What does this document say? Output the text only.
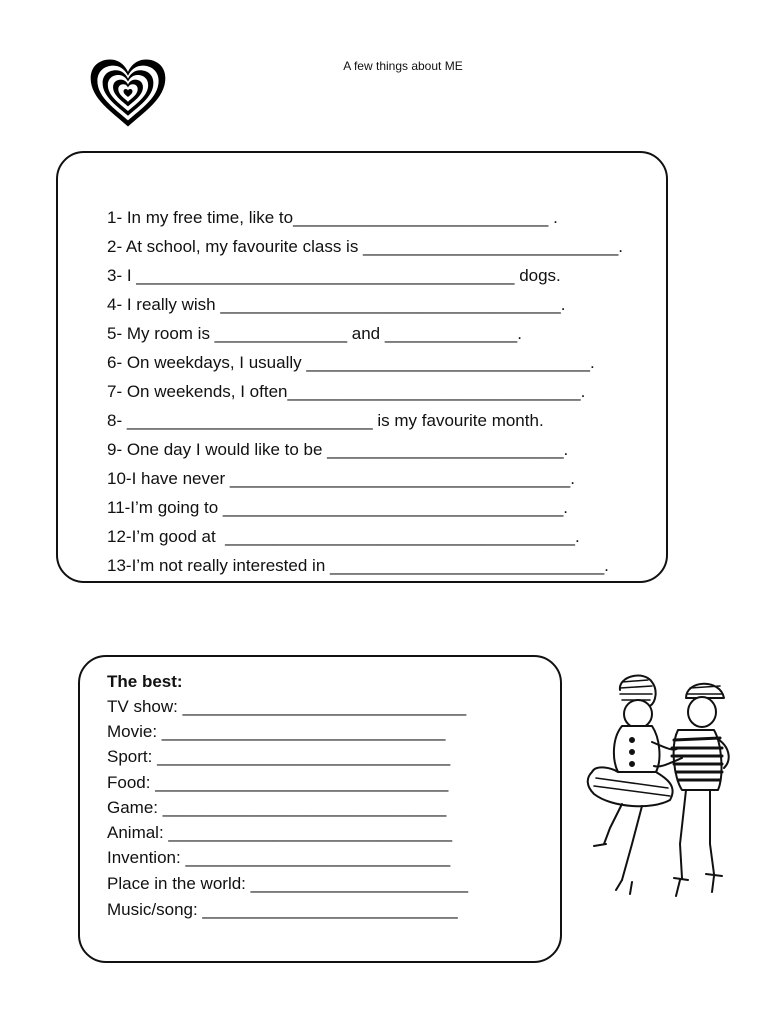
A few things about ME
1- In my free time, like to___________________________ .
2- At school, my favourite class is ___________________________.
3- I ________________________________________ dogs.
4- I really wish ____________________________________.
5- My room is ______________ and ______________.
6- On weekdays, I usually ______________________________.
7- On weekends, I often_______________________________.
8- __________________________ is my favourite month.
9- One day I would like to be _________________________.
10-I have never ____________________________________.
11-I’m going to ____________________________________.
12-I’m good at  _____________________________________.
13-I’m not really interested in _____________________________.
The best:
TV show: ______________________________
Movie: ______________________________
Sport: _______________________________
Food: _______________________________
Game: ______________________________
Animal: ______________________________
Invention: ____________________________
Place in the world: _______________________
Music/song: ___________________________
